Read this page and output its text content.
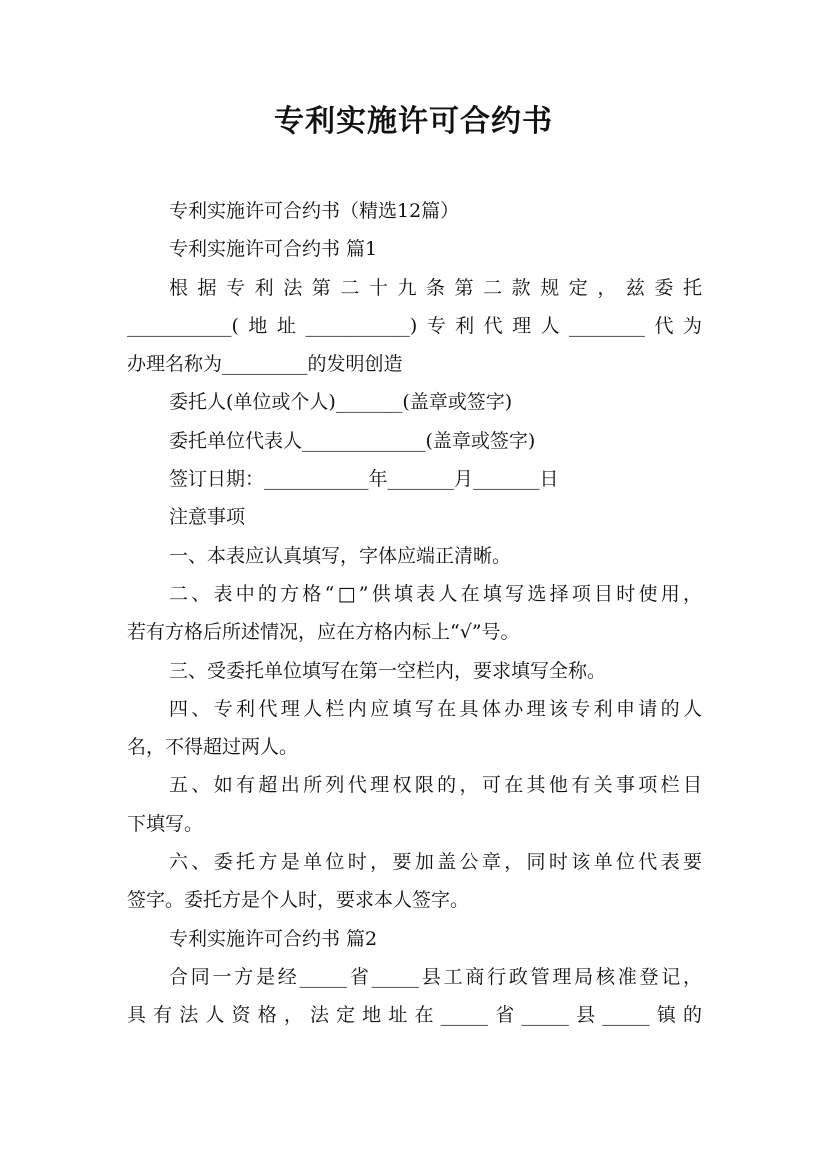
专利实施许可合约书
专利实施许可合约书（精选12篇）
专利实施许可合约书 篇1
根据专利法第二十九条第二款规定，兹委托
___________(地址___________)专利代理人________代为
办理名称为_________的发明创造
委托人(单位或个人)_______(盖章或签字)
委托单位代表人_____________(盖章或签字)
签订日期：___________年_______月_______日
注意事项
一、本表应认真填写，字体应端正清晰。
二、表中的方格“□”供填表人在填写选择项目时使用，
若有方格后所述情况，应在方格内标上“√”号。
三、受委托单位填写在第一空栏内，要求填写全称。
四、专利代理人栏内应填写在具体办理该专利申请的人
名，不得超过两人。
五、如有超出所列代理权限的，可在其他有关事项栏目
下填写。
六、委托方是单位时，要加盖公章，同时该单位代表要
签字。委托方是个人时，要求本人签字。
专利实施许可合约书 篇2
合同一方是经_____省_____县工商行政管理局核准登记，
具有法人资格，法定地址在_____省_____县_____镇的
